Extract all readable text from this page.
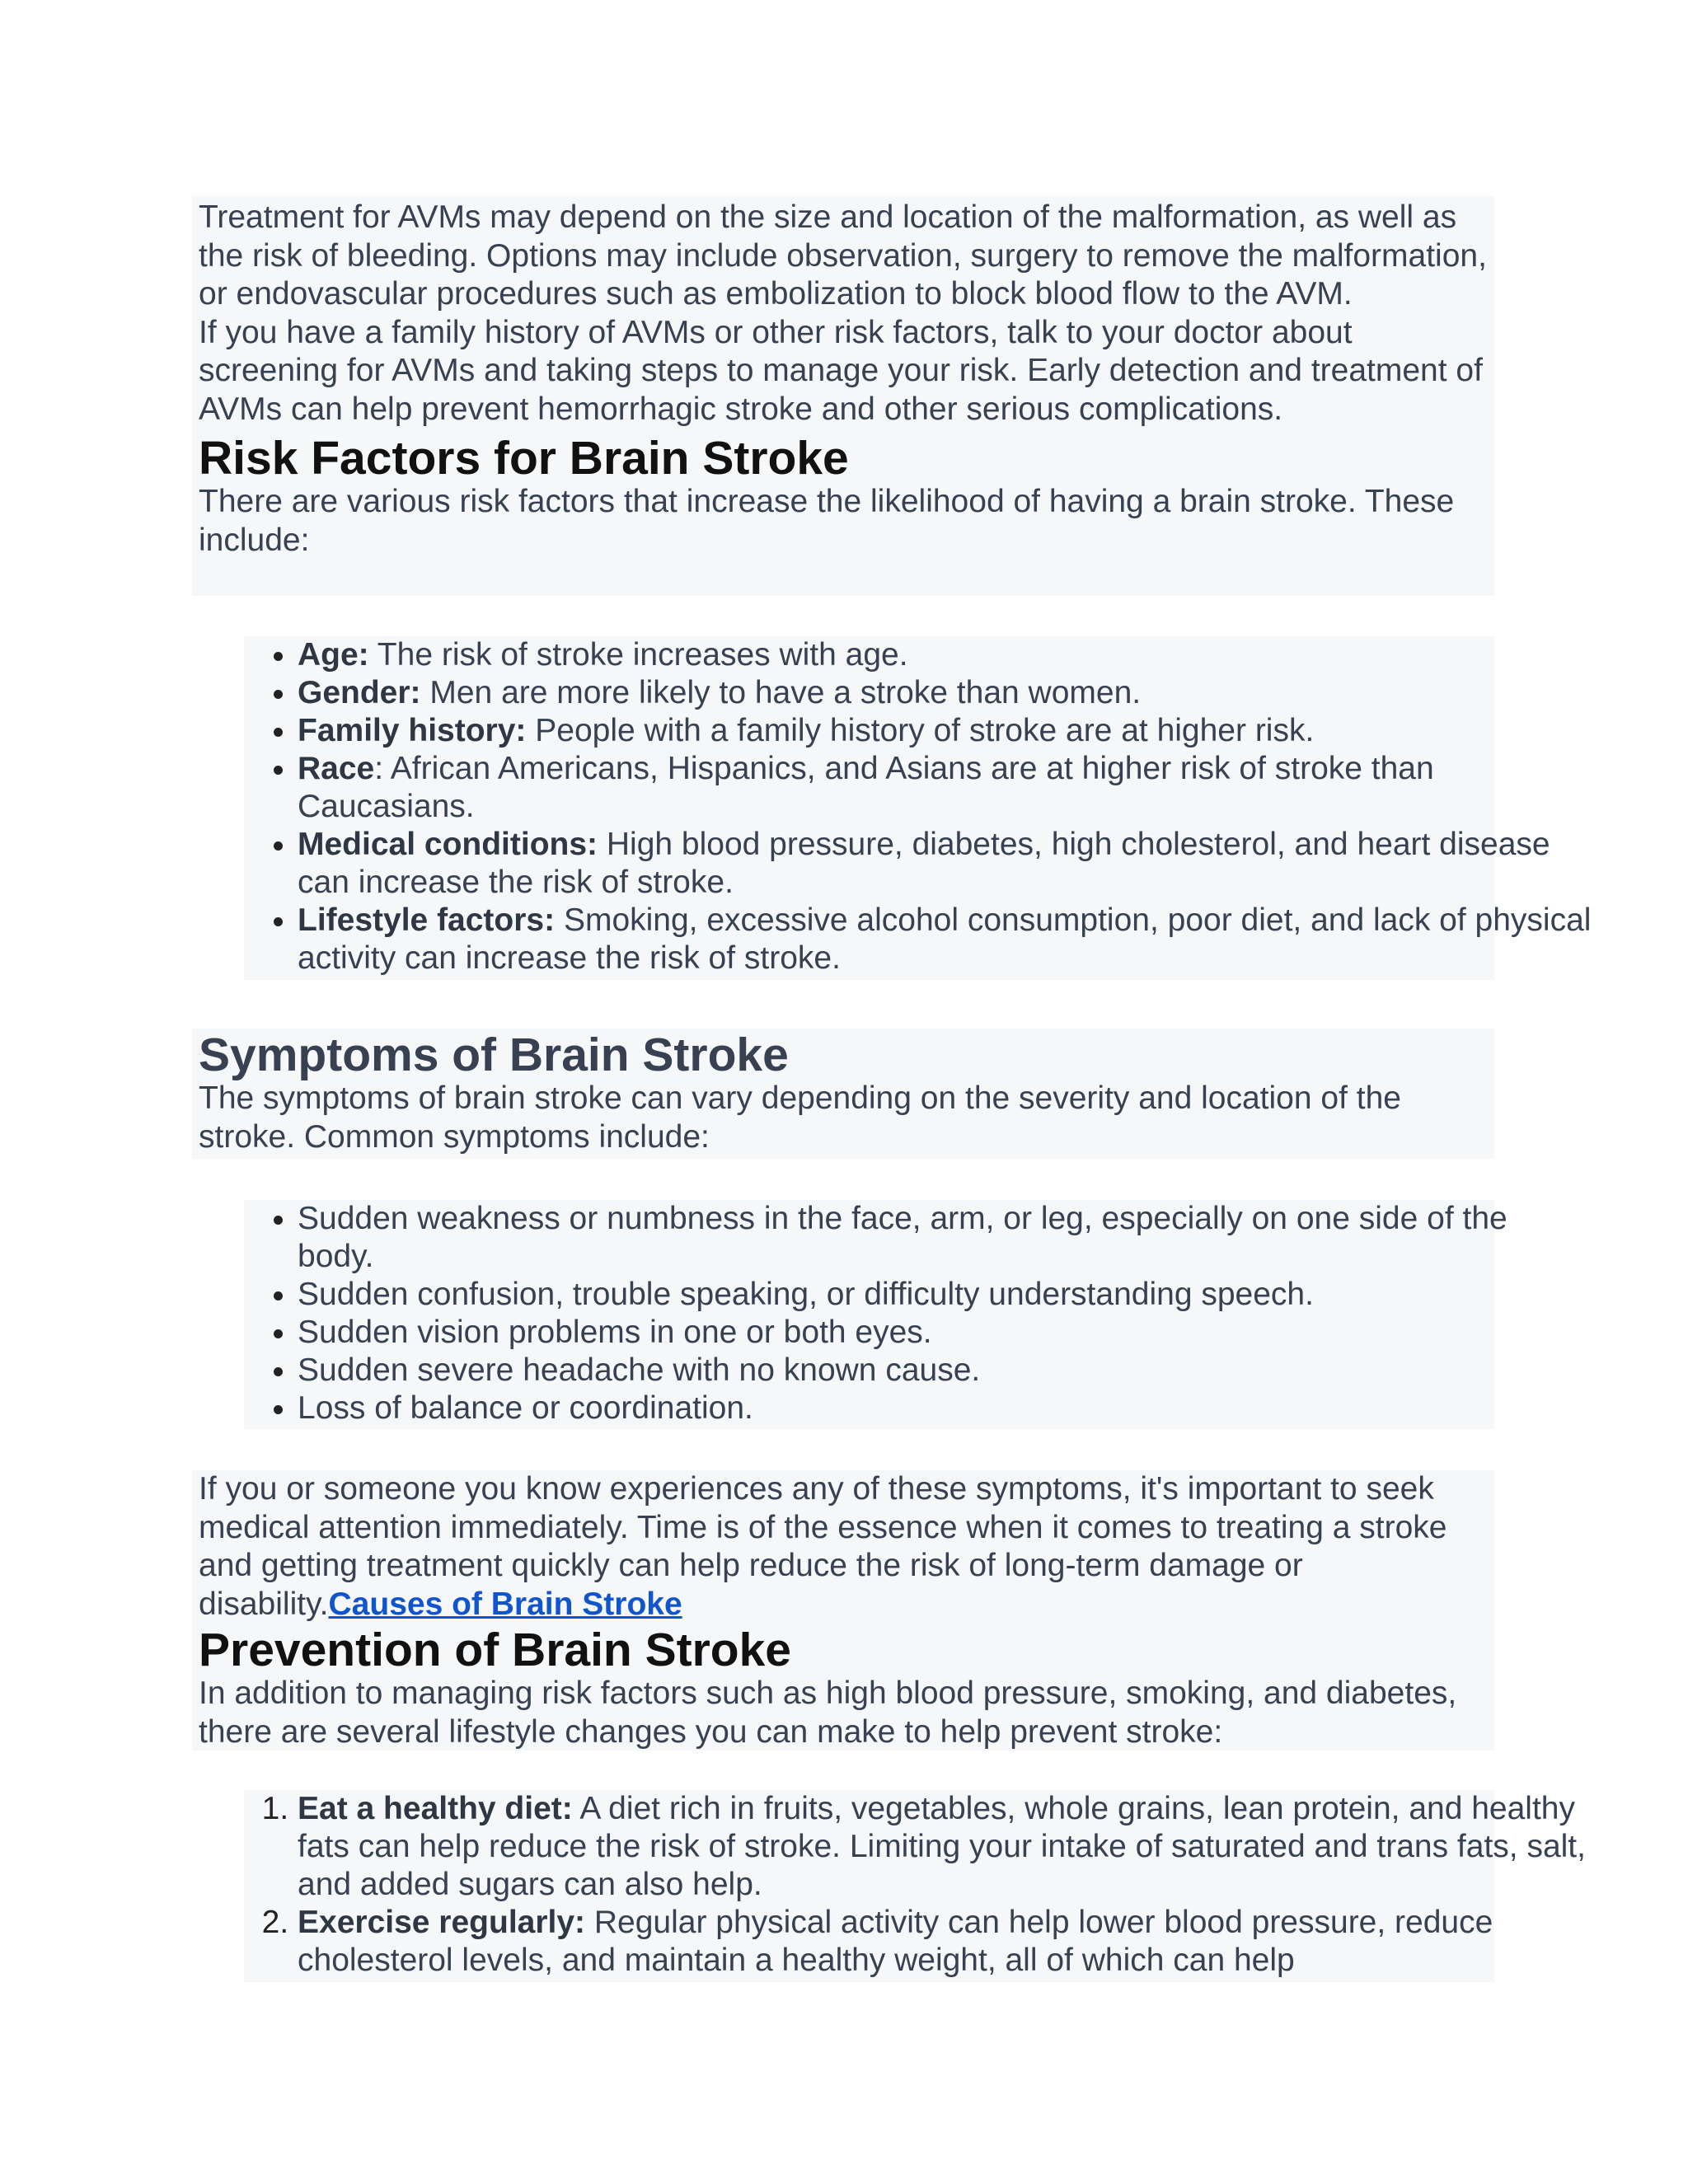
Treatment for AVMs may depend on the size and location of the malformation, as well as the risk of bleeding. Options may include observation, surgery to remove the malformation, or endovascular procedures such as embolization to block blood flow to the AVM.

If you have a family history of AVMs or other risk factors, talk to your doctor about screening for AVMs and taking steps to manage your risk. Early detection and treatment of AVMs can help prevent hemorrhagic stroke and other serious complications.

Risk Factors for Brain Stroke

There are various risk factors that increase the likelihood of having a brain stroke. These include:

• Age: The risk of stroke increases with age.
• Gender: Men are more likely to have a stroke than women.
• Family history: People with a family history of stroke are at higher risk.
• Race: African Americans, Hispanics, and Asians are at higher risk of stroke than Caucasians.
• Medical conditions: High blood pressure, diabetes, high cholesterol, and heart disease can increase the risk of stroke.
• Lifestyle factors: Smoking, excessive alcohol consumption, poor diet, and lack of physical activity can increase the risk of stroke.
Symptoms of Brain Stroke

The symptoms of brain stroke can vary depending on the severity and location of the stroke. Common symptoms include:

• Sudden weakness or numbness in the face, arm, or leg, especially on one side of the body.
• Sudden confusion, trouble speaking, or difficulty understanding speech.
• Sudden vision problems in one or both eyes.
• Sudden severe headache with no known cause.
• Loss of balance or coordination.

If you or someone you know experiences any of these symptoms, it's important to seek medical attention immediately. Time is of the essence when it comes to treating a stroke and getting treatment quickly can help reduce the risk of long-term damage or disability.Causes of Brain Stroke

Prevention of Brain Stroke

In addition to managing risk factors such as high blood pressure, smoking, and diabetes, there are several lifestyle changes you can make to help prevent stroke:

1. Eat a healthy diet: A diet rich in fruits, vegetables, whole grains, lean protein, and healthy fats can help reduce the risk of stroke. Limiting your intake of saturated and trans fats, salt, and added sugars can also help.
2. Exercise regularly: Regular physical activity can help lower blood pressure, reduce cholesterol levels, and maintain a healthy weight, all of which can help
